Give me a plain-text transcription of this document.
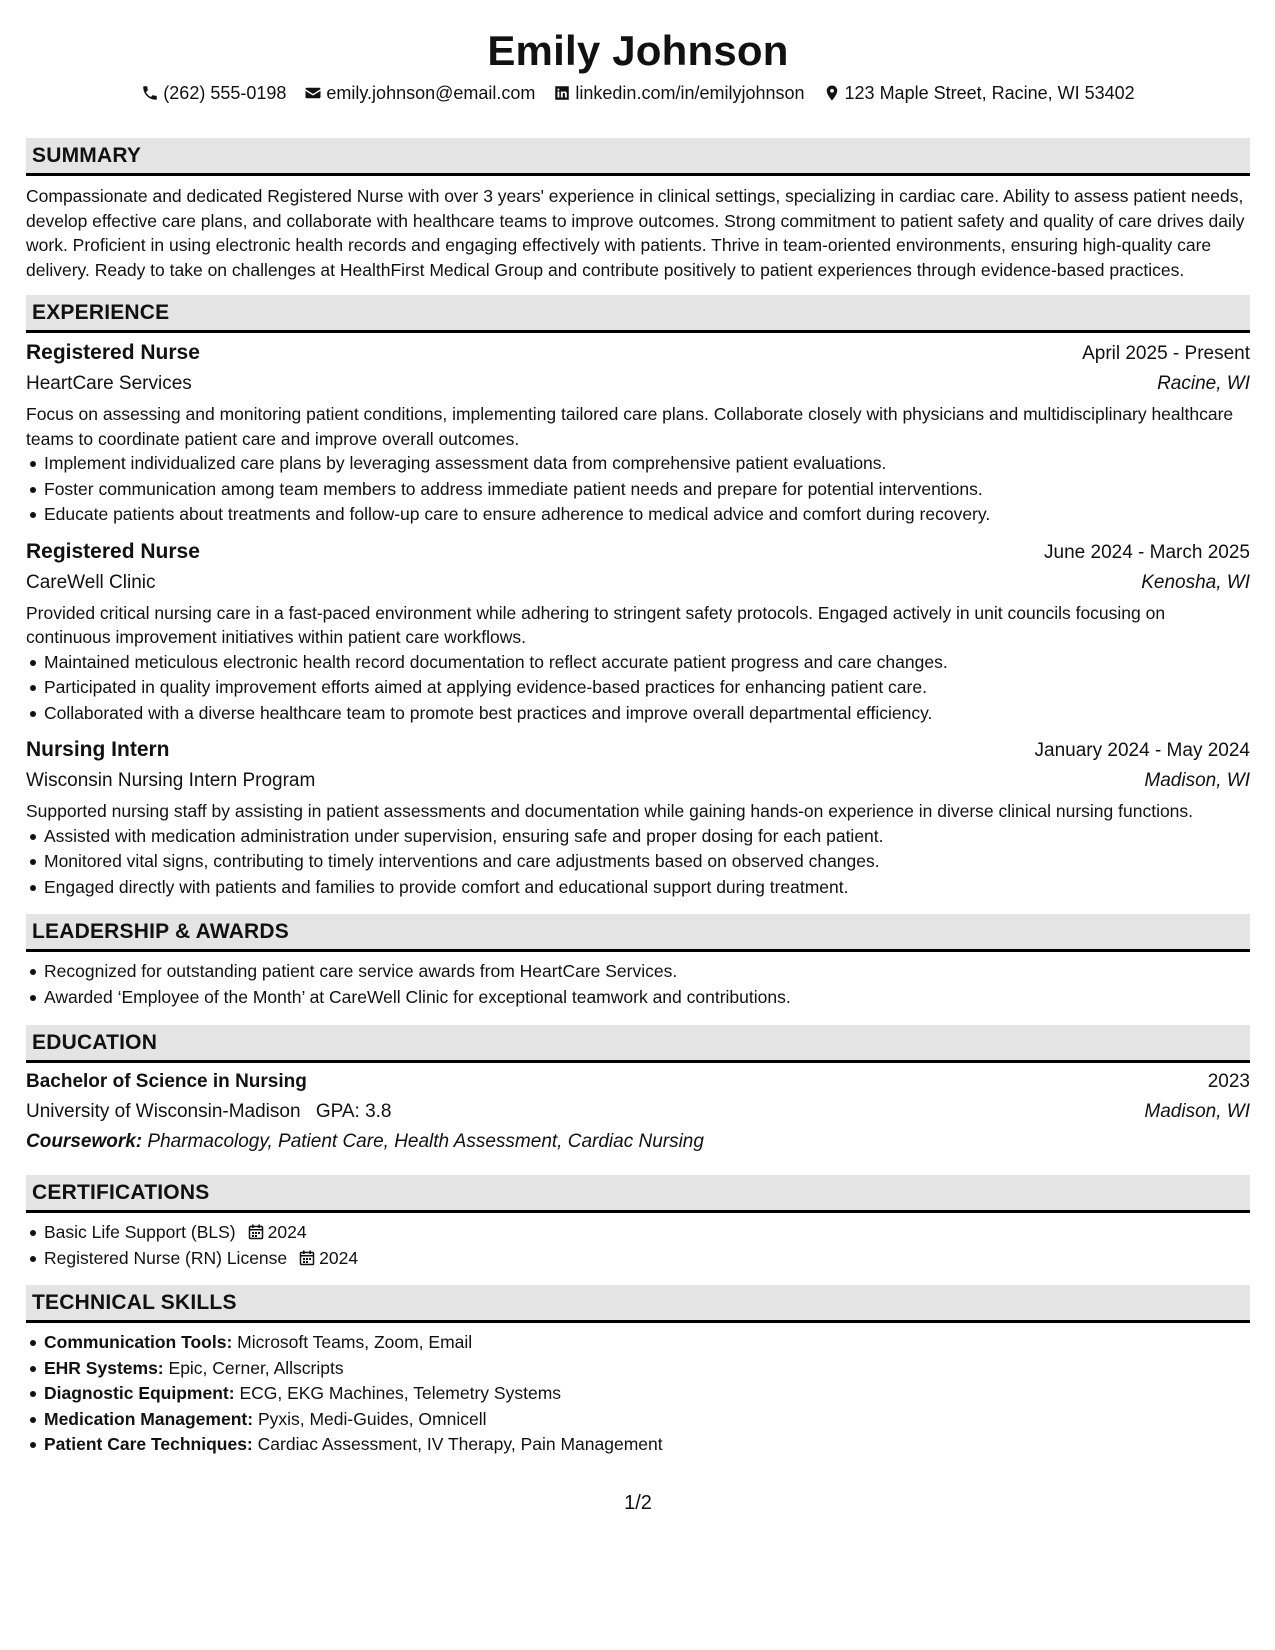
Emily Johnson
(262) 555-0198 emily.johnson@email.com linkedin.com/in/emilyjohnson 123 Maple Street, Racine, WI 53402
SUMMARY

Compassionate and dedicated Registered Nurse with over 3 years' experience in clinical settings, specializing in cardiac care. Ability to assess patient needs, develop effective care plans, and collaborate with healthcare teams to improve outcomes. Strong commitment to patient safety and quality of care drives daily work. Proficient in using electronic health records and engaging effectively with patients. Thrive in team-oriented environments, ensuring high-quality care delivery. Ready to take on challenges at HealthFirst Medical Group and contribute positively to patient experiences through evidence-based practices.

EXPERIENCE
Registered Nurse	April 2025 - Present
HeartCare Services	Racine, WI

Focus on assessing and monitoring patient conditions, implementing tailored care plans. Collaborate closely with physicians and multidisciplinary healthcare teams to coordinate patient care and improve overall outcomes.

Implement individualized care plans by leveraging assessment data from comprehensive patient evaluations.
Foster communication among team members to address immediate patient needs and prepare for potential interventions.
Educate patients about treatments and follow-up care to ensure adherence to medical advice and comfort during recovery.
Registered Nurse	June 2024 - March 2025
CareWell Clinic	Kenosha, WI

Provided critical nursing care in a fast-paced environment while adhering to stringent safety protocols. Engaged actively in unit councils focusing on continuous improvement initiatives within patient care workflows.

Maintained meticulous electronic health record documentation to reflect accurate patient progress and care changes.
Participated in quality improvement efforts aimed at applying evidence-based practices for enhancing patient care.
Collaborated with a diverse healthcare team to promote best practices and improve overall departmental efficiency.
Nursing Intern	January 2024 - May 2024
Wisconsin Nursing Intern Program	Madison, WI

Supported nursing staff by assisting in patient assessments and documentation while gaining hands-on experience in diverse clinical nursing functions.

Assisted with medication administration under supervision, ensuring safe and proper dosing for each patient.
Monitored vital signs, contributing to timely interventions and care adjustments based on observed changes.
Engaged directly with patients and families to provide comfort and educational support during treatment.
LEADERSHIP & AWARDS
Recognized for outstanding patient care service awards from HeartCare Services.
Awarded ‘Employee of the Month’ at CareWell Clinic for exceptional teamwork and contributions.
EDUCATION
Bachelor of Science in Nursing	2023
University of Wisconsin-Madison GPA: 3.8	Madison, WI
Coursework: Pharmacology, Patient Care, Health Assessment, Cardiac Nursing
CERTIFICATIONS
Basic Life Support (BLS) 2024
Registered Nurse (RN) License 2024
TECHNICAL SKILLS
Communication Tools: Microsoft Teams, Zoom, Email
EHR Systems: Epic, Cerner, Allscripts
Diagnostic Equipment: ECG, EKG Machines, Telemetry Systems
Medication Management: Pyxis, Medi-Guides, Omnicell
Patient Care Techniques: Cardiac Assessment, IV Therapy, Pain Management
1/2
